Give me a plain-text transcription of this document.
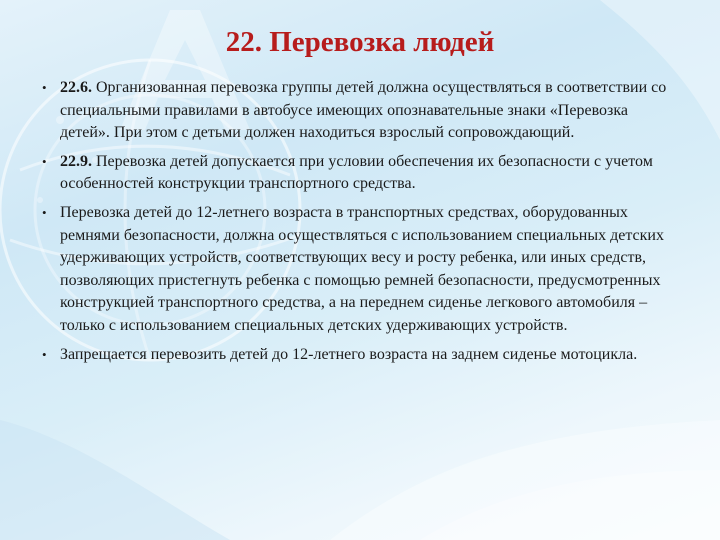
22. Перевозка людей
• 22.6. Организованная перевозка группы детей должна осуществляться в соответствии со специальными правилами в автобусе имеющих опознавательные знаки «Перевозка детей». При этом с детьми должен находиться взрослый сопровождающий.
• 22.9. Перевозка детей допускается при условии обеспечения их безопасности с учетом особенностей конструкции транспортного средства.
• Перевозка детей до 12-летнего возраста в транспортных средствах, оборудованных ремнями безопасности, должна осуществляться с использованием специальных детских удерживающих устройств, соответствующих весу и росту ребенка, или иных средств, позволяющих пристегнуть ребенка с помощью ремней безопасности, предусмотренных конструкцией транспортного средства, а на переднем сиденье легкового автомобиля – только с использованием специальных детских удерживающих устройств.
• Запрещается перевозить детей до 12-летнего возраста на заднем сиденье мотоцикла.
